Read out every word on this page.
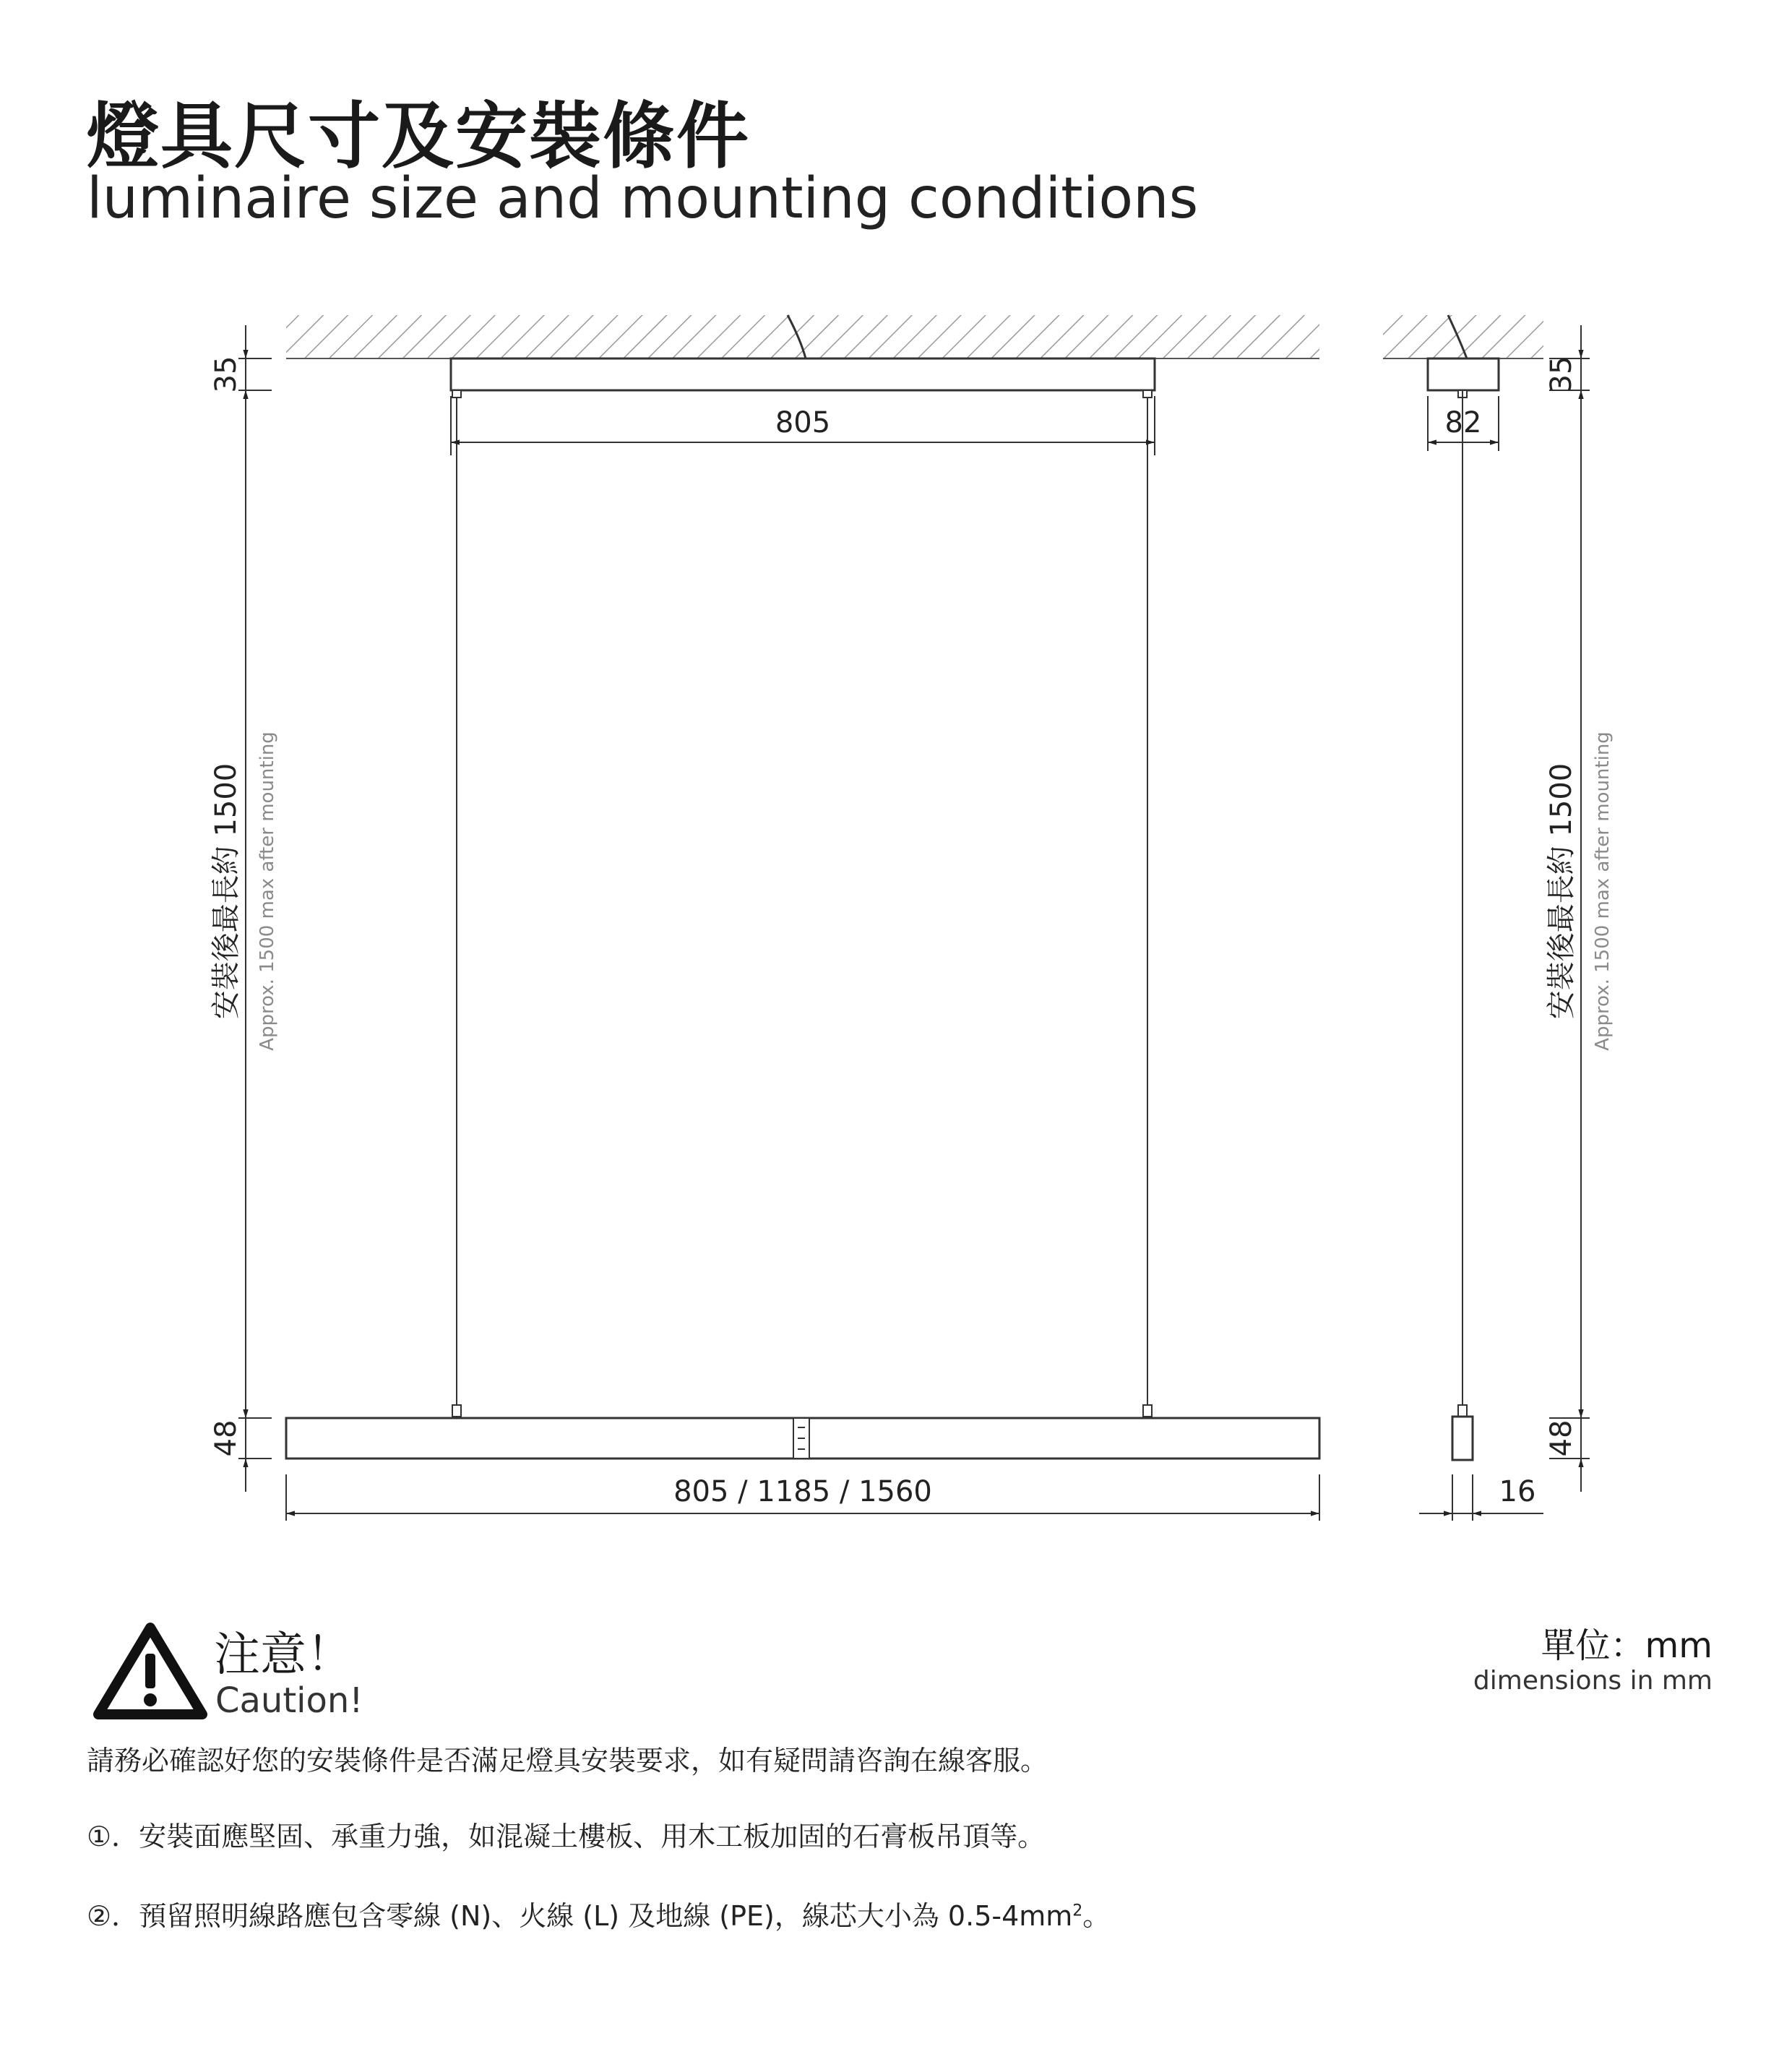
燈具尺寸及安裝條件
luminaire size and mounting conditions
805
805 / 1185 / 1560
35
48
安裝後最長約 1500 Approx. 1500 max after mounting
82
16
35
48
安裝後最長約 1500 Approx. 1500 max after mounting
注意！
Caution!
單位：mm
dimensions in mm
請務必確認好您的安裝條件是否滿足燈具安裝要求，如有疑問請咨詢在線客服。
①．安裝面應堅固、承重力強，如混凝土樓板、用木工板加固的石膏板吊頂等。
②．預留照明線路應包含零線 (N)、火線 (L) 及地線 (PE)，線芯大小為 $0.5-4mm^2$。
